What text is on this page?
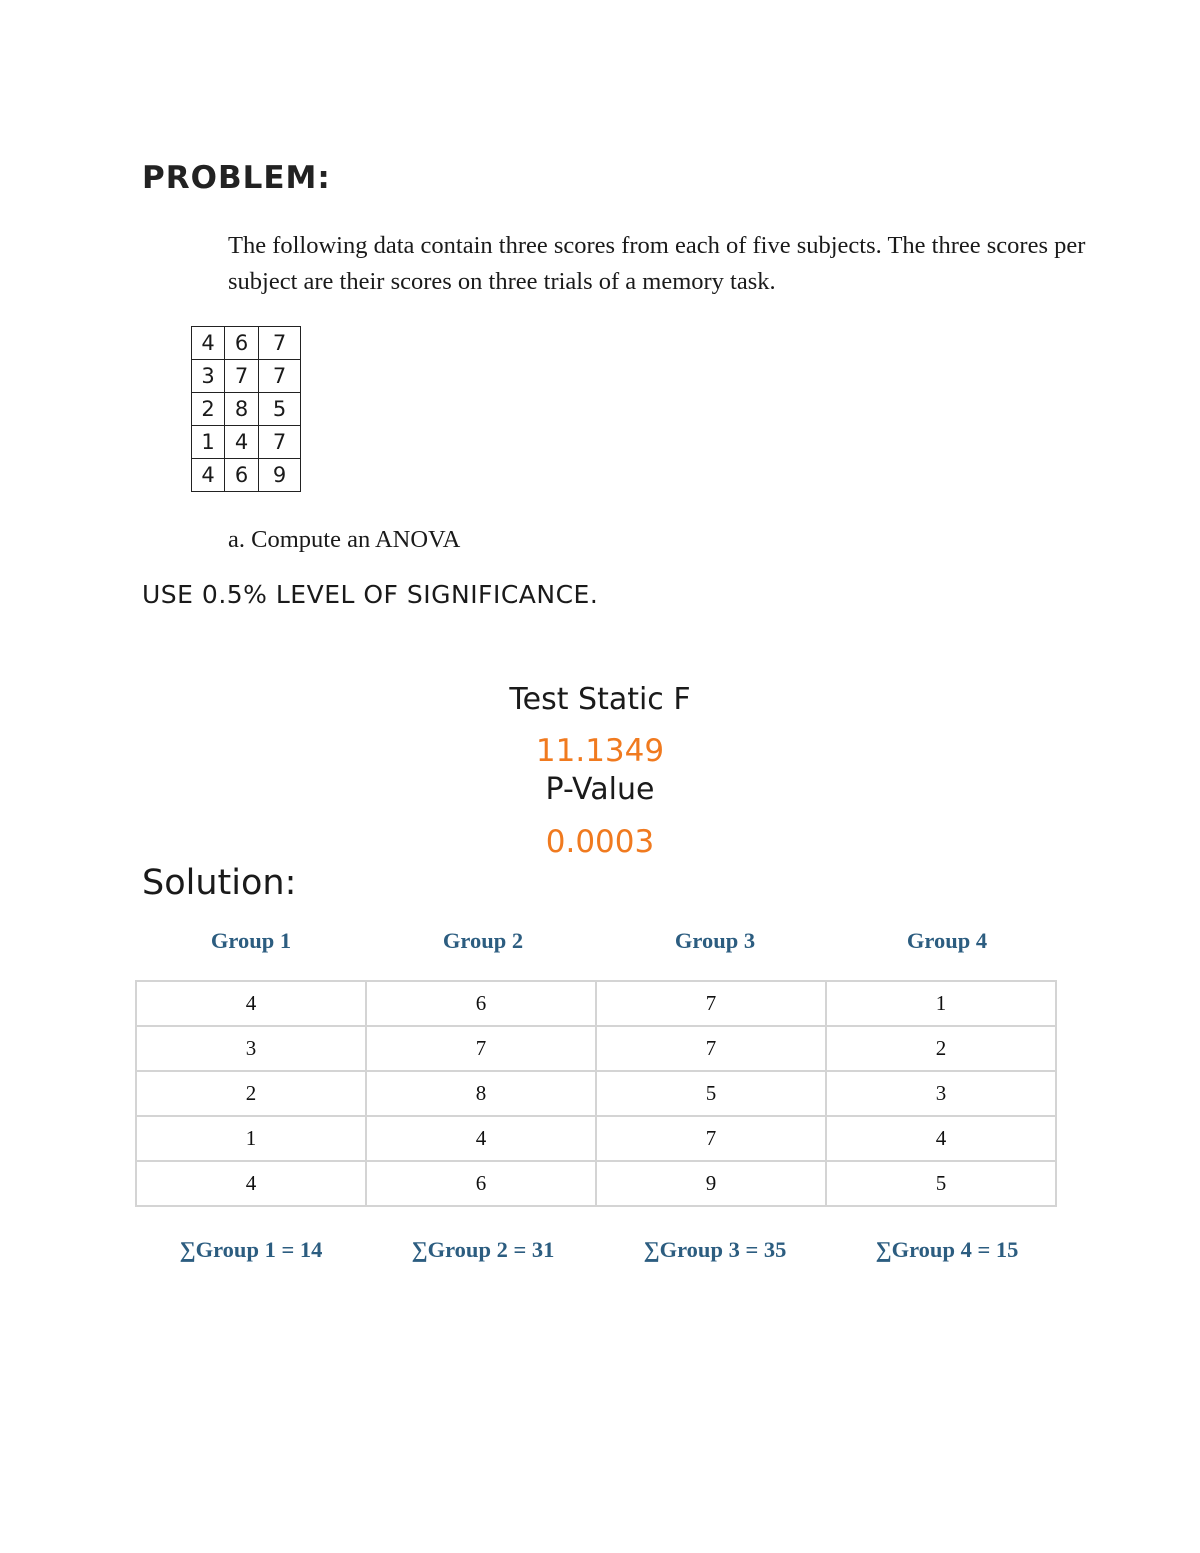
PROBLEM:
The following data contain three scores from each of five subjects. The three scores per subject are their scores on three trials of a memory task.
4	6	7
3	7	7
2	8	5
1	4	7
4	6	9
a. Compute an ANOVA
USE 0.5% LEVEL OF SIGNIFICANCE.
Test Static F
11.1349
P-Value
0.0003
Solution:
Group 1	Group 2	Group 3	Group 4
4	6	7	1
3	7	7	2
2	8	5	3
1	4	7	4
4	6	9	5
∑Group 1 = 14	∑Group 2 = 31	∑Group 3 = 35	∑Group 4 = 15
